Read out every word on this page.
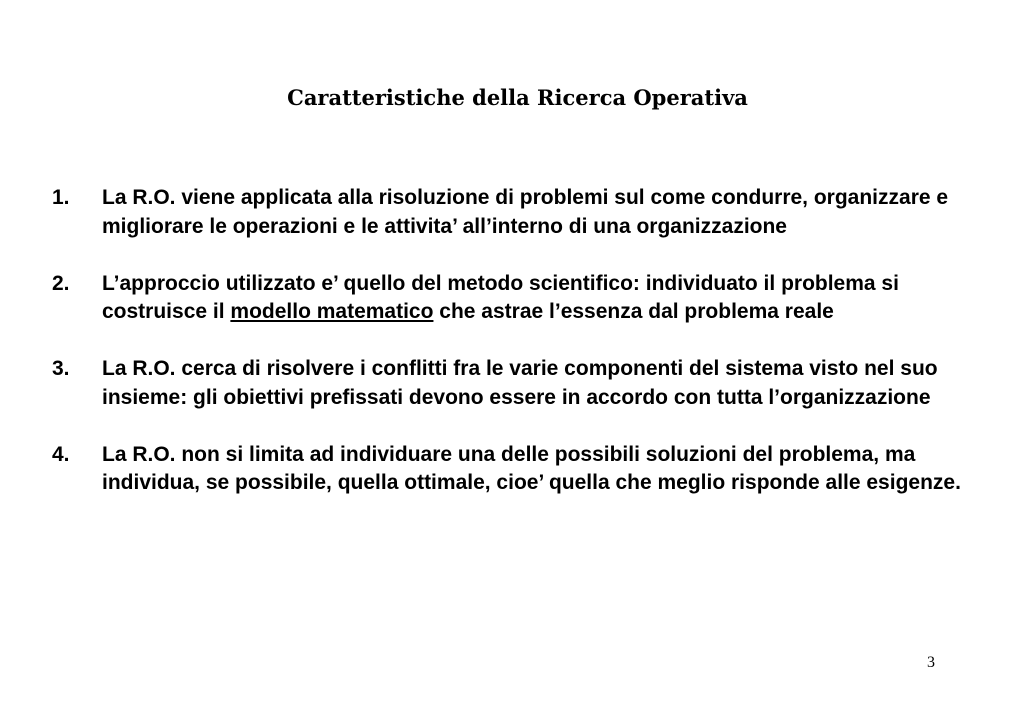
Caratteristiche della Ricerca Operativa
1.	La R.O. viene applicata alla risoluzione di problemi sul come condurre, organizzare e migliorare le operazioni e le attivita’ all’interno di una organizzazione
2.	L’approccio utilizzato e’ quello del metodo scientifico: individuato il problema si costruisce il modello matematico che astrae l’essenza dal problema reale
3.	La R.O. cerca di risolvere i conflitti fra le varie componenti del sistema visto nel suo insieme: gli obiettivi prefissati devono essere in accordo con tutta l’organizzazione
4.	La R.O. non si limita ad individuare una delle possibili soluzioni del problema, ma individua, se possibile, quella ottimale, cioe’ quella che meglio risponde alle esigenze.
3
